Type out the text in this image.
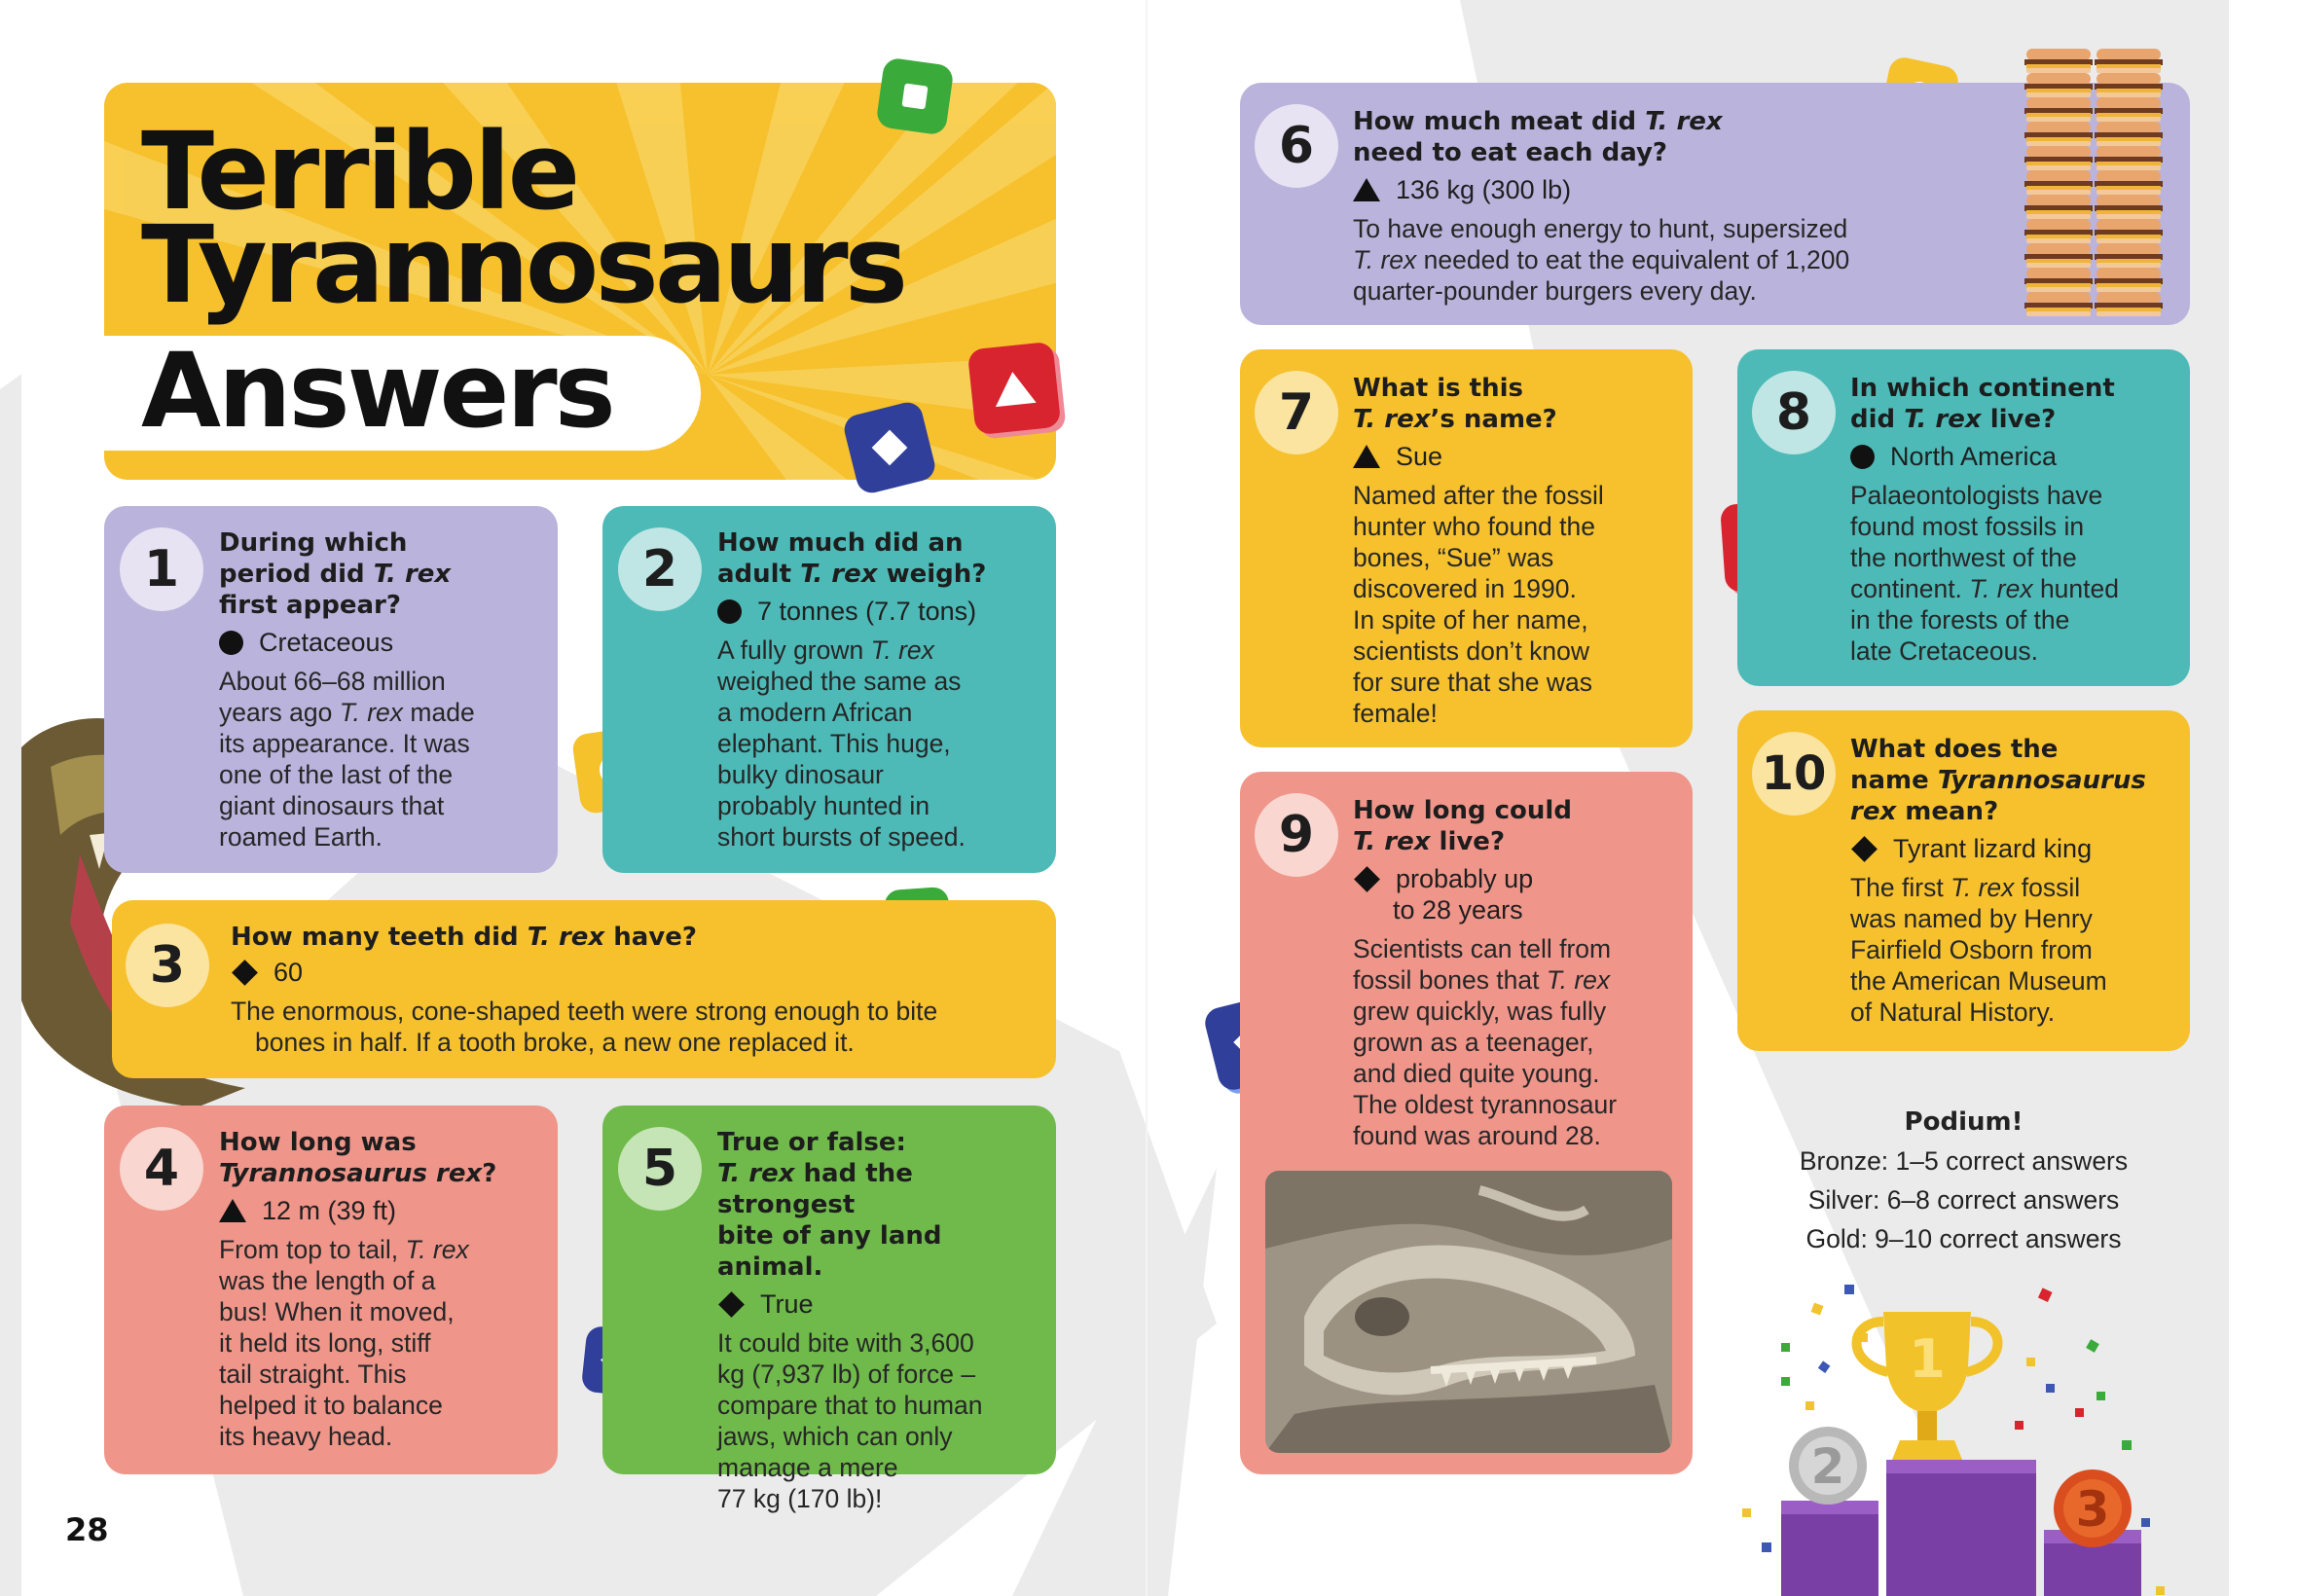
Terrible
Tyrannosaurs
Answers
1	During which
period did T. rex
first appear?
Cretaceous
About 66–68 million
years ago T. rex made
its appearance. It was
one of the last of the
giant dinosaurs that
roamed Earth.
2	How much did an
adult T. rex weigh?
7 tonnes (7.7 tons)
A fully grown T. rex
weighed the same as
a modern African
elephant. This huge,
bulky dinosaur
probably hunted in
short bursts of speed.
3	How many teeth did T. rex have?
60
The enormous, cone-shaped teeth were strong enough to bite
bones in half. If a tooth broke, a new one replaced it.
4	How long was
Tyrannosaurus rex?
12 m (39 ft)
From top to tail, T. rex
was the length of a
bus! When it moved,
it held its long, stiff
tail straight. This
helped it to balance
its heavy head.
5	True or false:
T. rex had the strongest
bite of any land animal.
True
It could bite with 3,600
kg (7,937 lb) of force –
compare that to human
jaws, which can only
manage a mere
77 kg (170 lb)!
28
6	How much meat did T. rex
need to eat each day?
136 kg (300 lb)
To have enough energy to hunt, supersized
T. rex needed to eat the equivalent of 1,200
quarter-pounder burgers every day.
7	What is this
T. rex’s name?
Sue
Named after the fossil
hunter who found the
bones, “Sue” was
discovered in 1990.
In spite of her name,
scientists don’t know
for sure that she was
female!
8	In which continent
did T. rex live?
North America
Palaeontologists have
found most fossils in
the northwest of the
continent. T. rex hunted
in the forests of the
late Cretaceous.
9	How long could
T. rex live?
probably up
to 28 years
Scientists can tell from
fossil bones that T. rex
grew quickly, was fully
grown as a teenager,
and died quite young.
The oldest tyrannosaur
found was around 28.
10 What does the
name Tyrannosaurus
rex mean?
Tyrant lizard king
The first T. rex fossil
was named by Henry
Fairfield Osborn from
the American Museum
of Natural History.
Podium!
Bronze: 1–5 correct answers
Silver: 6–8 correct answers
Gold: 9–10 correct answers
1
2
3
